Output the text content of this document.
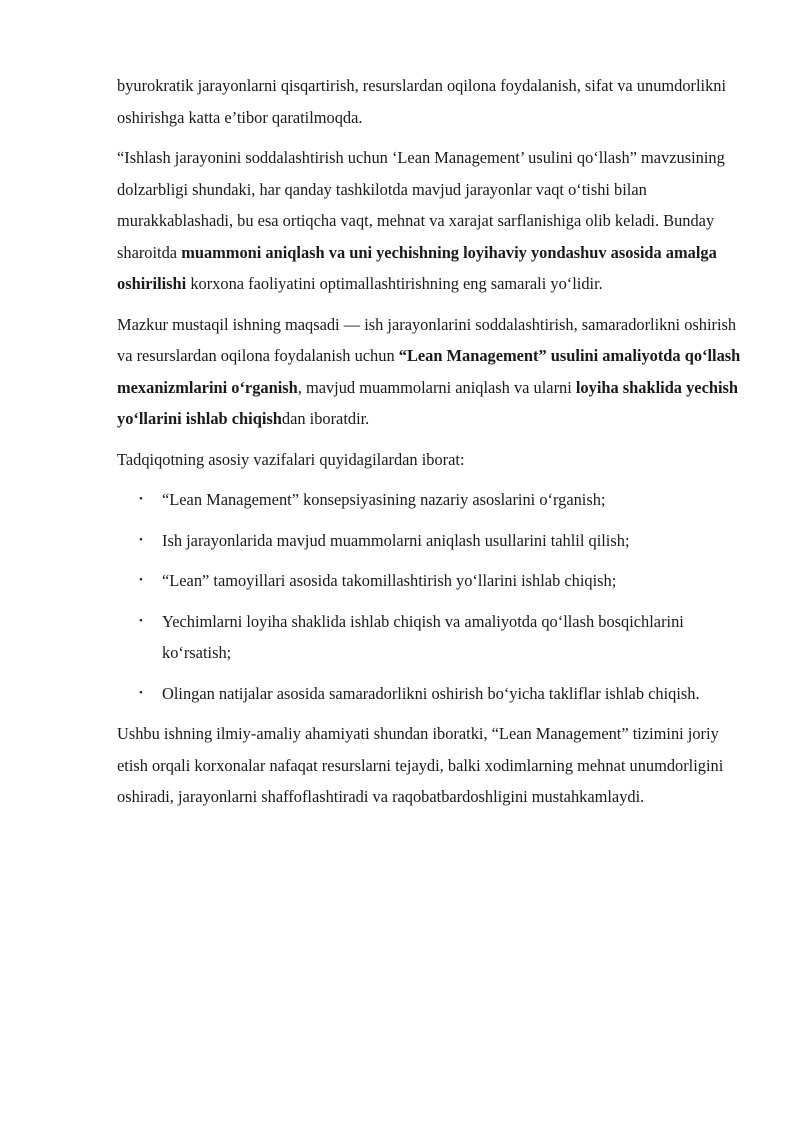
byurokratik jarayonlarni qisqartirish, resurslardan oqilona foydalanish, sifat va unumdorlikni oshirishga katta e’tibor qaratilmoqda.

“Ishlash jarayonini soddalashtirish uchun ‘Lean Management’ usulini qo‘llash” mavzusining dolzarbligi shundaki, har qanday tashkilotda mavjud jarayonlar vaqt o‘tishi bilan murakkablashadi, bu esa ortiqcha vaqt, mehnat va xarajat sarflanishiga olib keladi. Bunday sharoitda muammoni aniqlash va uni yechishning loyihaviy yondashuv asosida amalga oshirilishi korxona faoliyatini optimallashtirishning eng samarali yo‘lidir.

Mazkur mustaqil ishning maqsadi — ish jarayonlarini soddalashtirish, samaradorlikni oshirish va resurslardan oqilona foydalanish uchun “Lean Management” usulini amaliyotda qo‘llash mexanizmlarini o‘rganish, mavjud muammolarni aniqlash va ularni loyiha shaklida yechish yo‘llarini ishlab chiqishdan iboratdir.

Tadqiqotning asosiy vazifalari quyidagilardan iborat:

• “Lean Management” konsepsiyasining nazariy asoslarini o‘rganish;
• Ish jarayonlarida mavjud muammolarni aniqlash usullarini tahlil qilish;
• “Lean” tamoyillari asosida takomillashtirish yo‘llarini ishlab chiqish;
• Yechimlarni loyiha shaklida ishlab chiqish va amaliyotda qo‘llash bosqichlarini ko‘rsatish;
• Olingan natijalar asosida samaradorlikni oshirish bo‘yicha takliflar ishlab chiqish.

Ushbu ishning ilmiy-amaliy ahamiyati shundan iboratki, “Lean Management” tizimini joriy etish orqali korxonalar nafaqat resurslarni tejaydi, balki xodimlarning mehnat unumdorligini oshiradi, jarayonlarni shaffoflashtiradi va raqobatbardoshligini mustahkamlaydi.
